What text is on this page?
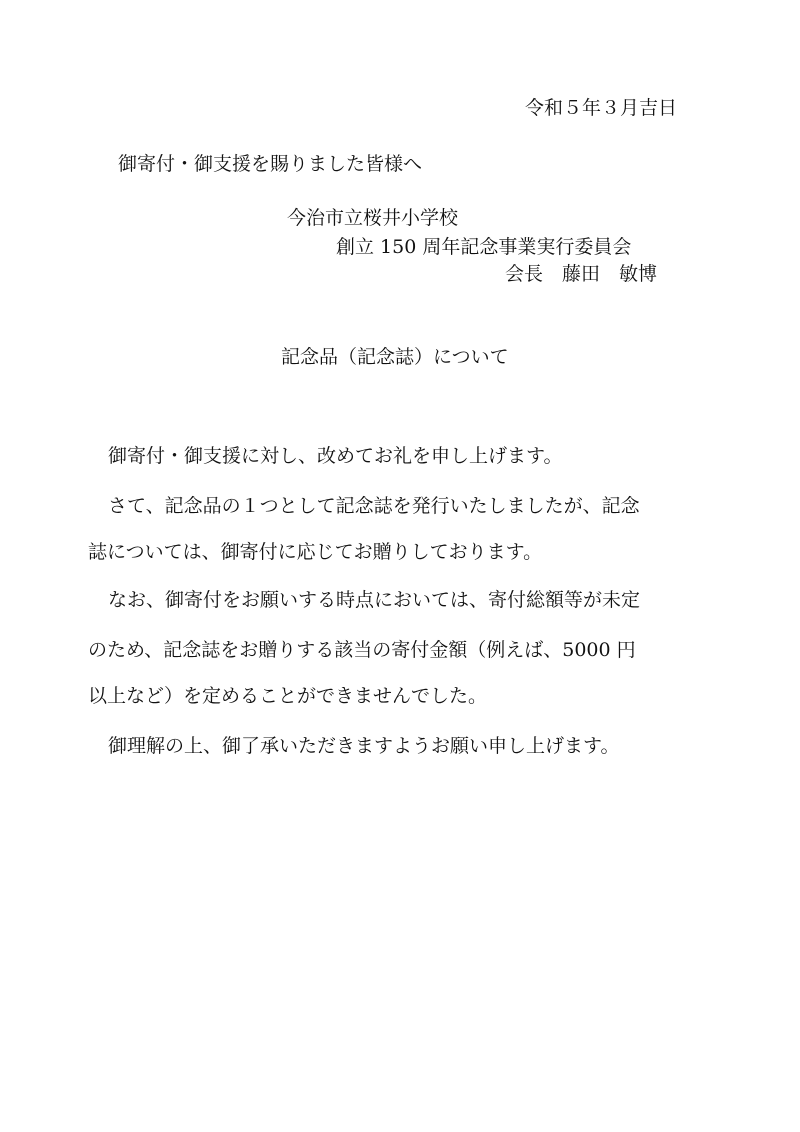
令和５年３月吉日
御寄付・御支援を賜りました皆様へ
今治市立桜井小学校
創立 150 周年記念事業実行委員会
会長　藤田　敏博
記念品（記念誌）について
御寄付・御支援に対し、改めてお礼を申し上げます。
さて、記念品の１つとして記念誌を発行いたしましたが、記念
誌については、御寄付に応じてお贈りしております。
なお、御寄付をお願いする時点においては、寄付総額等が未定
のため、記念誌をお贈りする該当の寄付金額（例えば、5000 円
以上など）を定めることができませんでした。
御理解の上、御了承いただきますようお願い申し上げます。
